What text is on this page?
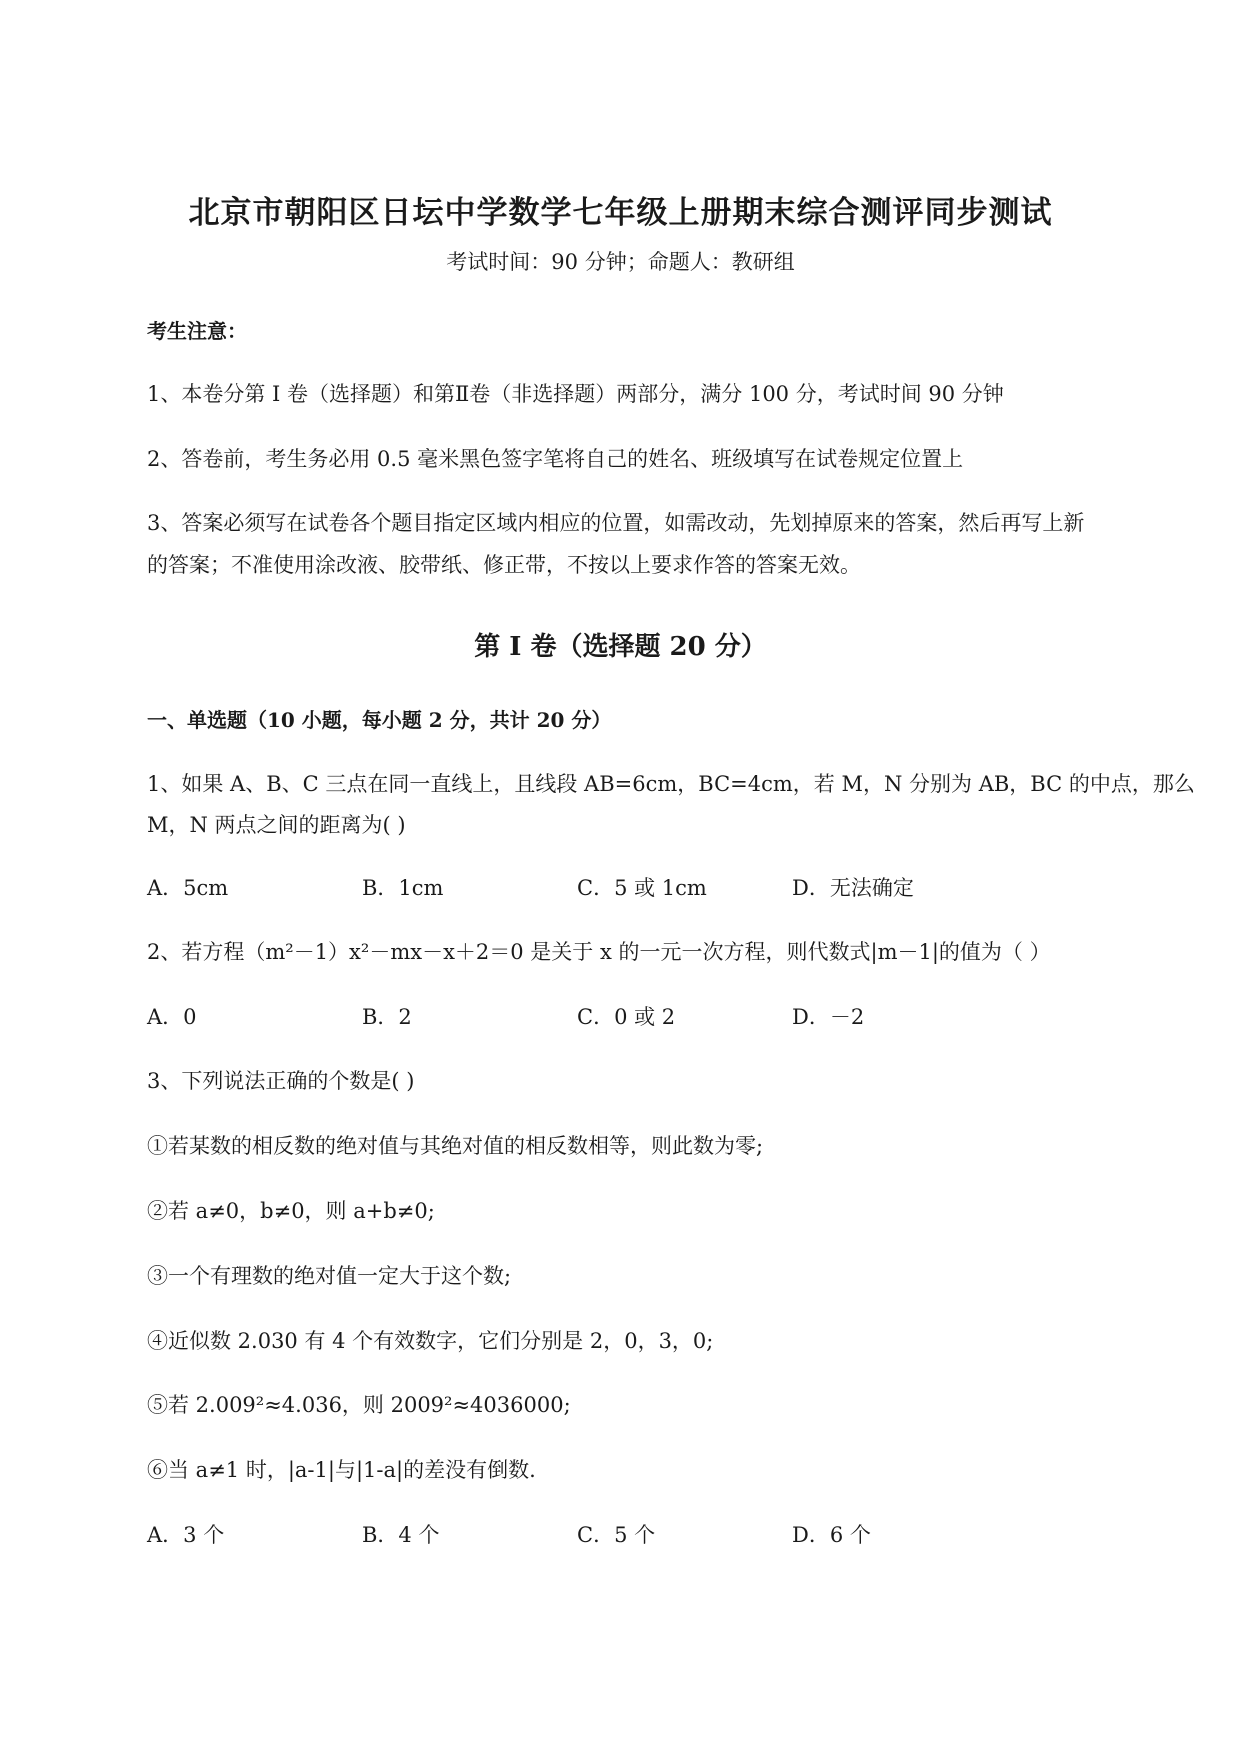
北京市朝阳区日坛中学数学七年级上册期末综合测评同步测试
考试时间：90 分钟；命题人：教研组
考生注意：
1、本卷分第 I 卷（选择题）和第Ⅱ卷（非选择题）两部分，满分 100 分，考试时间 90 分钟
2、答卷前，考生务必用 0.5 毫米黑色签字笔将自己的姓名、班级填写在试卷规定位置上
3、答案必须写在试卷各个题目指定区域内相应的位置，如需改动，先划掉原来的答案，然后再写上新
的答案；不准使用涂改液、胶带纸、修正带，不按以上要求作答的答案无效。
第 I 卷（选择题 20 分）
一、单选题（10 小题，每小题 2 分，共计 20 分）
1、如果 A、B、C 三点在同一直线上，且线段 AB=6cm，BC=4cm，若 M，N 分别为 AB，BC 的中点，那么
M，N 两点之间的距离为( )
A．5cm	B．1cm	C．5 或 1cm	D．无法确定
2、若方程（m²－1）x²－mx－x＋2＝0 是关于 x 的一元一次方程，则代数式|m－1|的值为（ ）
A．0	B．2	C．0 或 2	D．－2
3、下列说法正确的个数是( )
①若某数的相反数的绝对值与其绝对值的相反数相等，则此数为零;
②若 a≠0，b≠0，则 a+b≠0;
③一个有理数的绝对值一定大于这个数;
④近似数 2.030 有 4 个有效数字，它们分别是 2，0，3，0;
⑤若 2.009²≈4.036，则 2009²≈4036000;
⑥当 a≠1 时，|a-1|与|1-a|的差没有倒数.
A．3 个	B．4 个	C．5 个	D．6 个
